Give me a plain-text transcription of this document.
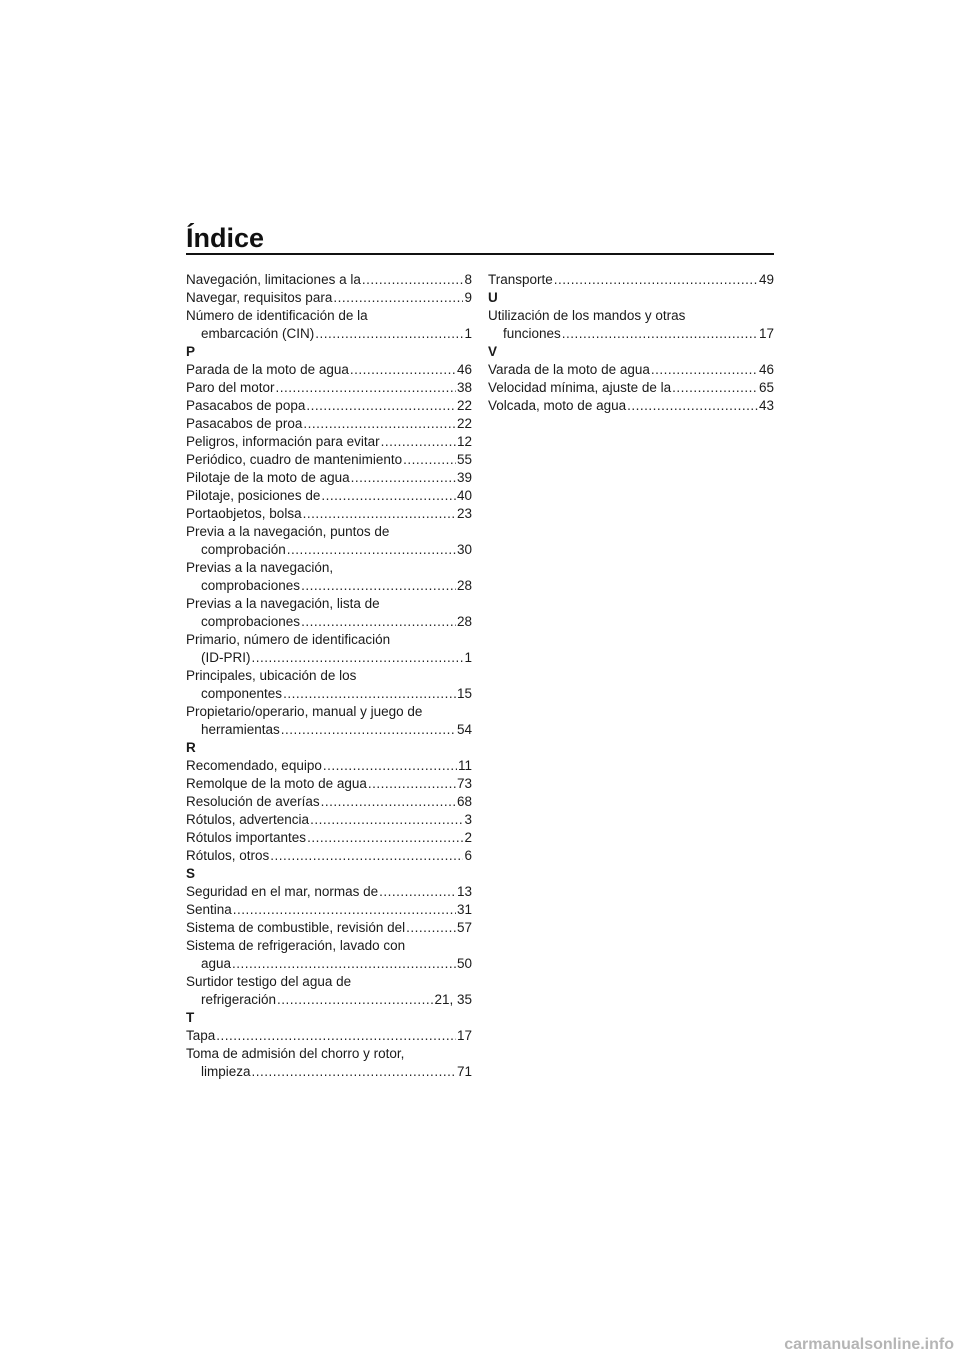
Índice
Navegación, limitaciones a la .....	8
Navegar, requisitos para .....	9
Número de identificación de la
embarcación (CIN) .....	1
P
Parada de la moto de agua .....	46
Paro del motor .....	38
Pasacabos de popa .....	22
Pasacabos de proa .....	22
Peligros, información para evitar .....	12
Periódico, cuadro de mantenimiento .....	55
Pilotaje de la moto de agua .....	39
Pilotaje, posiciones de .....	40
Portaobjetos, bolsa .....	23
Previa a la navegación, puntos de
comprobación .....	30
Previas a la navegación,
comprobaciones .....	28
Previas a la navegación, lista de
comprobaciones .....	28
Primario, número de identificación
(ID-PRI) .....	1
Principales, ubicación de los
componentes .....	15
Propietario/operario, manual y juego de
herramientas .....	54
R
Recomendado, equipo .....	11
Remolque de la moto de agua .....	73
Resolución de averías .....	68
Rótulos, advertencia .....	3
Rótulos importantes .....	2
Rótulos, otros .....	6
S
Seguridad en el mar, normas de .....	13
Sentina .....	31
Sistema de combustible, revisión del .....	57
Sistema de refrigeración, lavado con
agua .....	50
Surtidor testigo del agua de
refrigeración .....	21, 35
T
Tapa .....	17
Toma de admisión del chorro y rotor,
limpieza .....	71
Transporte .....	49
U
Utilización de los mandos y otras
funciones .....	17
V
Varada de la moto de agua .....	46
Velocidad mínima, ajuste de la .....	65
Volcada, moto de agua .....	43
carmanualsonline.info
